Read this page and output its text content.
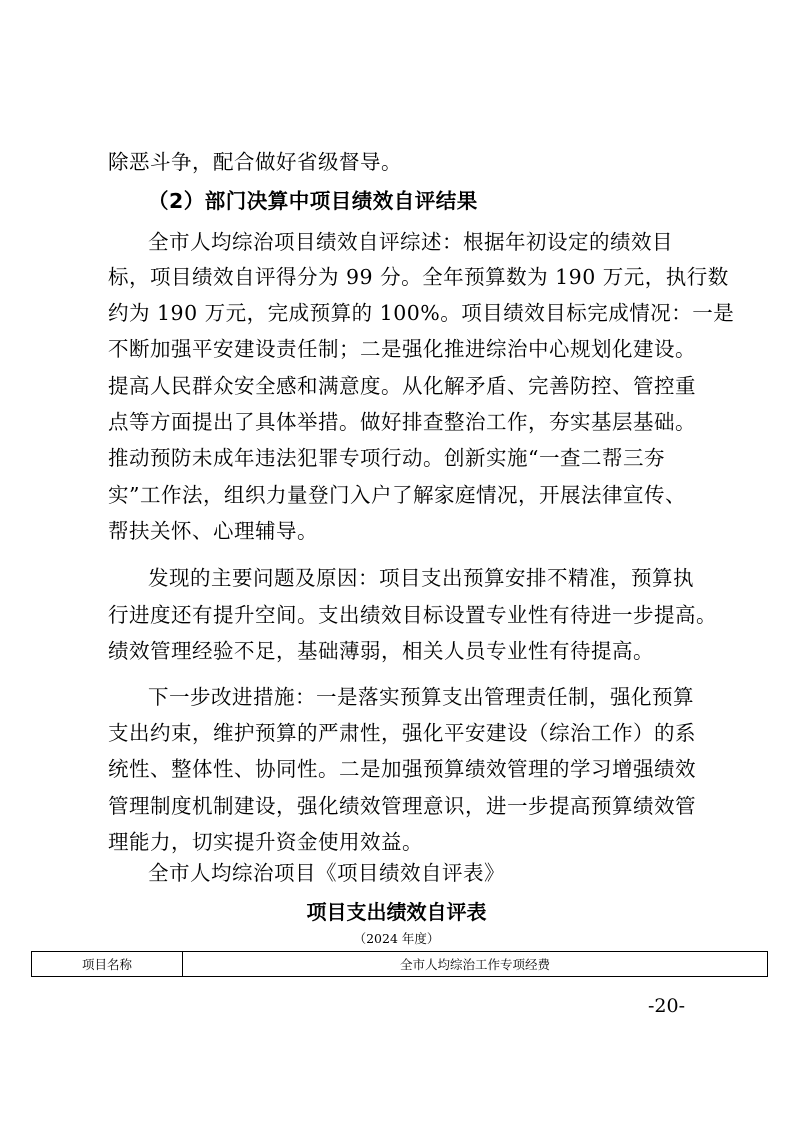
除恶斗争，配合做好省级督导。
（2）部门决算中项目绩效自评结果
全市人均综治项目绩效自评综述：根据年初设定的绩效目
标，项目绩效自评得分为 99 分。全年预算数为 190 万元，执行数
约为 190 万元，完成预算的 100%。项目绩效目标完成情况：一是
不断加强平安建设责任制；二是强化推进综治中心规划化建设。
提高人民群众安全感和满意度。从化解矛盾、完善防控、管控重
点等方面提出了具体举措。做好排查整治工作，夯实基层基础。
推动预防未成年违法犯罪专项行动。创新实施“一查二帮三夯
实”工作法，组织力量登门入户了解家庭情况，开展法律宣传、
帮扶关怀、心理辅导。
发现的主要问题及原因：项目支出预算安排不精准，预算执
行进度还有提升空间。支出绩效目标设置专业性有待进一步提高。
绩效管理经验不足，基础薄弱，相关人员专业性有待提高。
下一步改进措施：一是落实预算支出管理责任制，强化预算
支出约束，维护预算的严肃性，强化平安建设（综治工作）的系
统性、整体性、协同性。二是加强预算绩效管理的学习增强绩效
管理制度机制建设，强化绩效管理意识，进一步提高预算绩效管
理能力，切实提升资金使用效益。
全市人均综治项目《项目绩效自评表》
项目支出绩效自评表
（2024 年度）
项目名称	全市人均综治工作专项经费
-20-
